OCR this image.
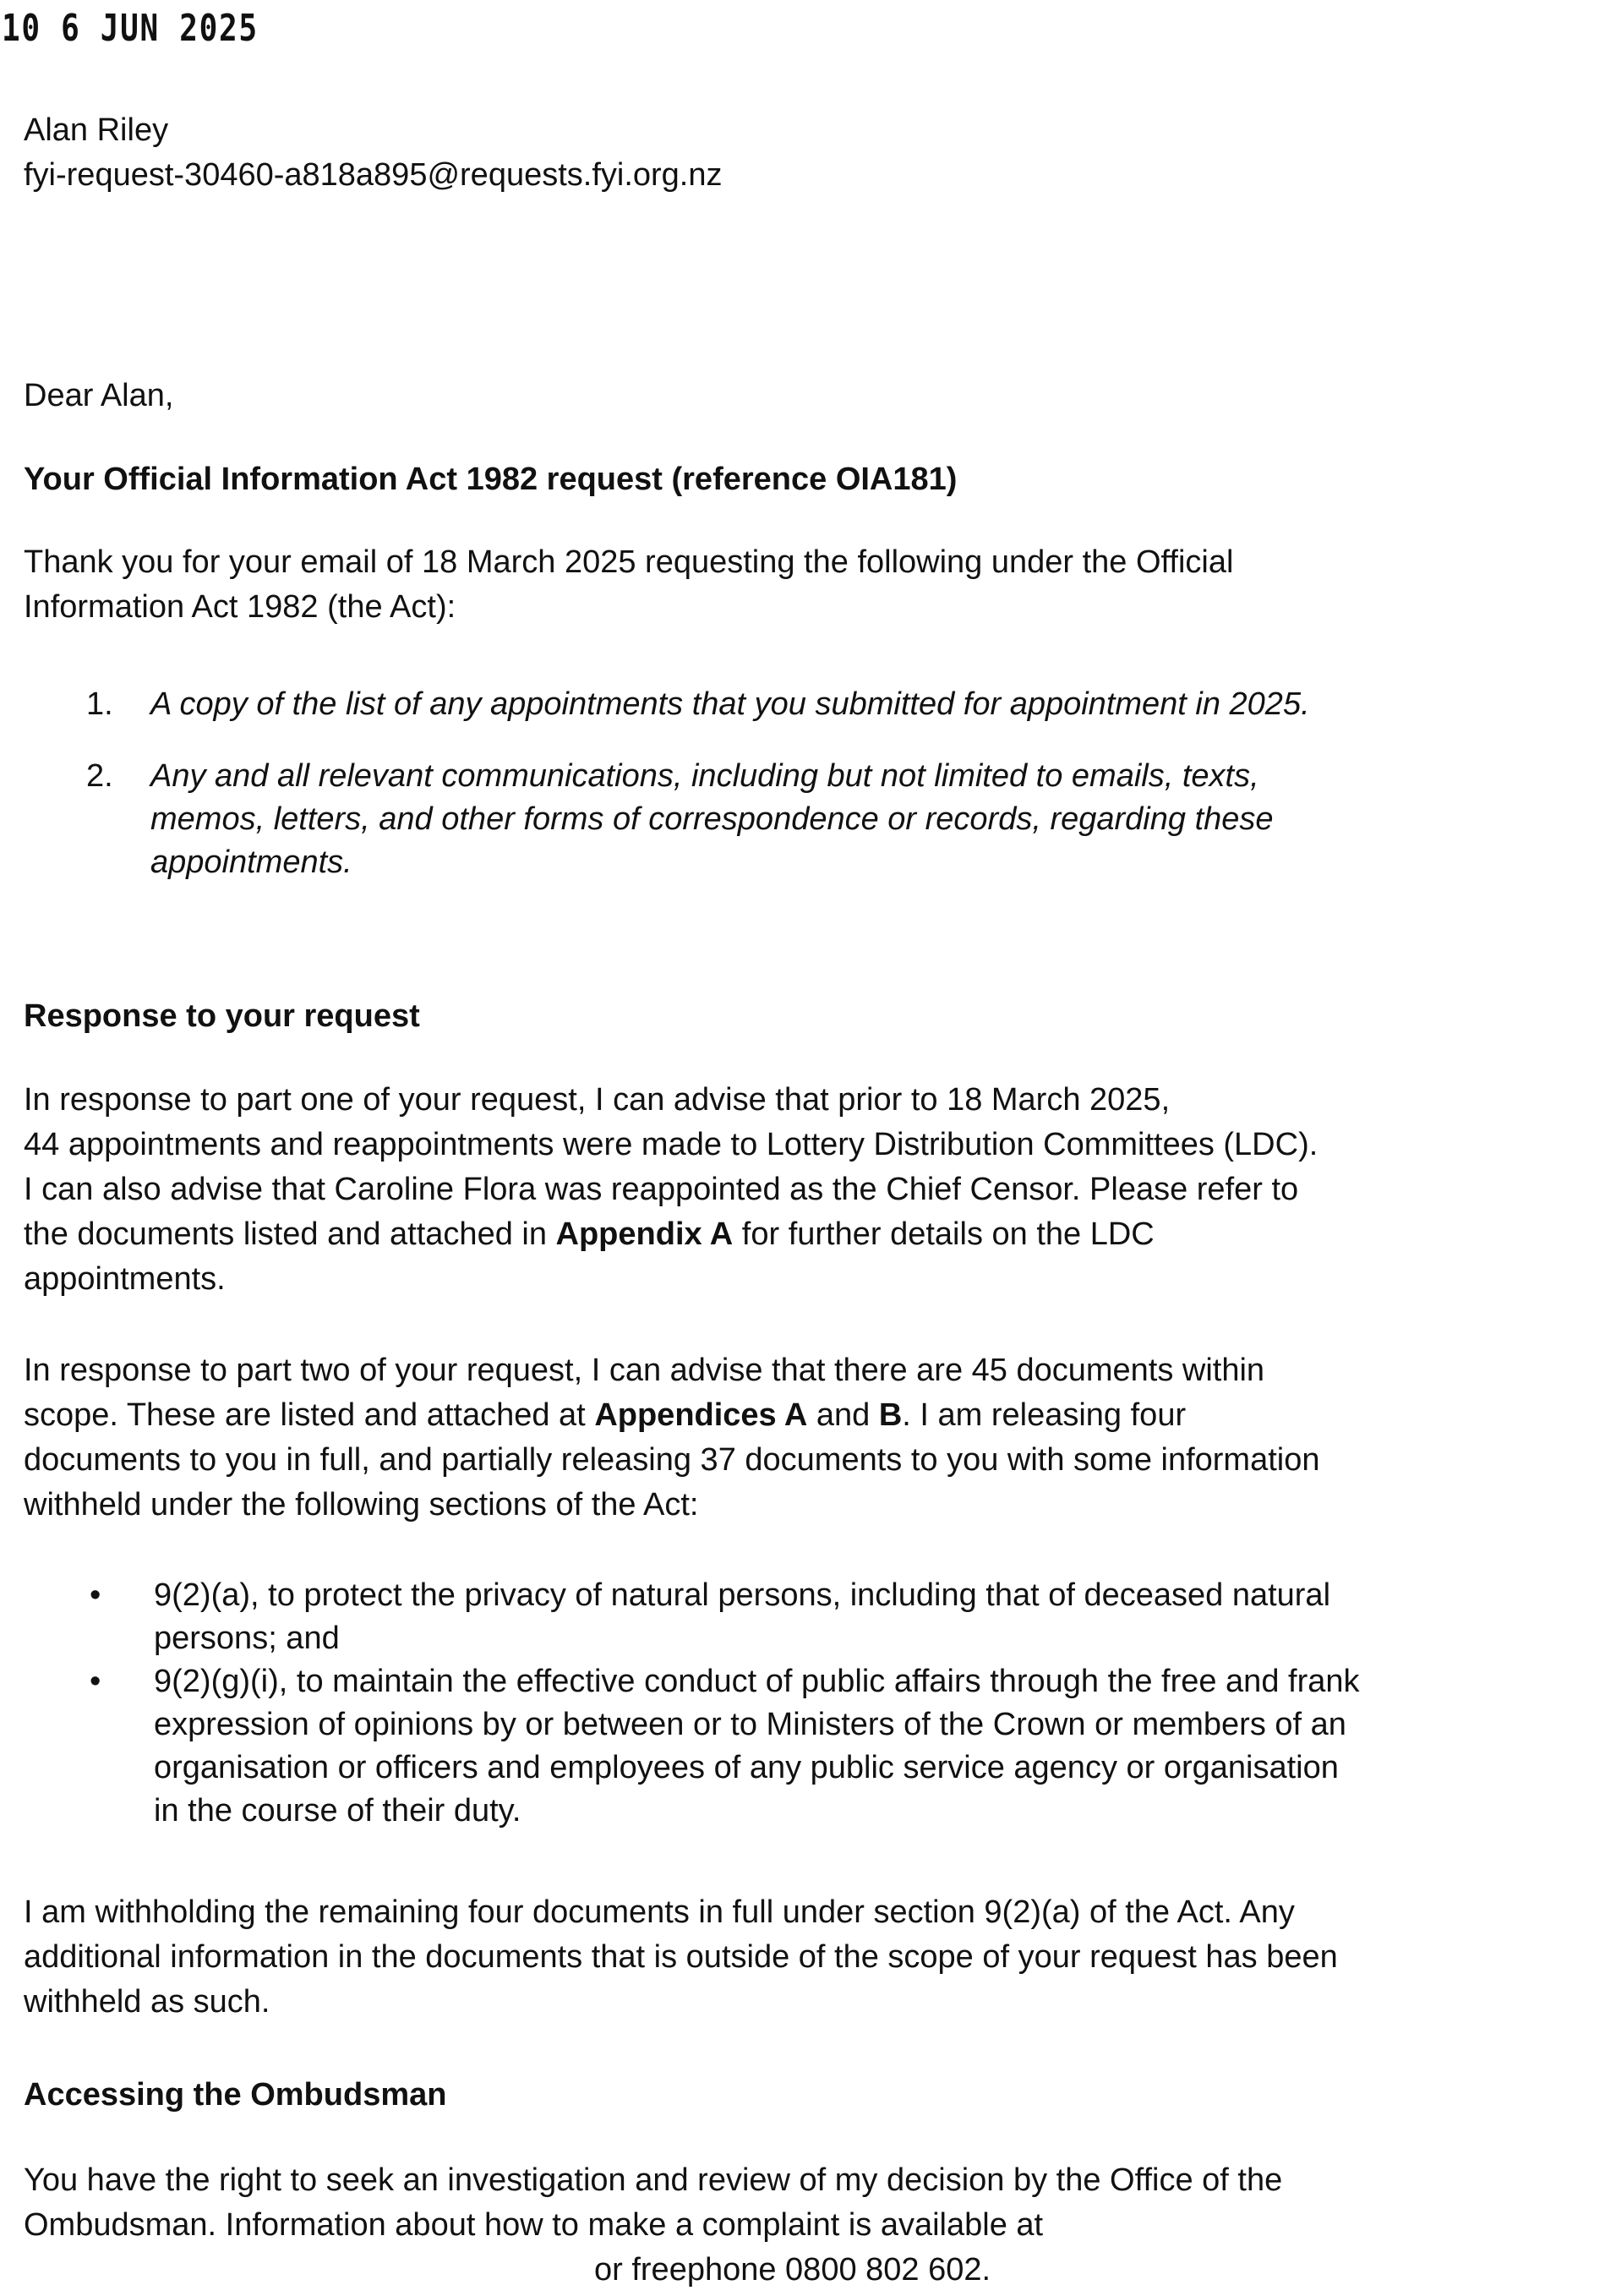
10 6 JUN 2025
Alan Riley
fyi-request-30460-a818a895@requests.fyi.org.nz
Dear Alan,
Your Official Information Act 1982 request (reference OIA181)
Thank you for your email of 18 March 2025 requesting the following under the Official
Information Act 1982 (the Act):
1. A copy of the list of any appointments that you submitted for appointment in 2025.
2. Any and all relevant communications, including but not limited to emails, texts,
memos, letters, and other forms of correspondence or records, regarding these
appointments.
Response to your request
In response to part one of your request, I can advise that prior to 18 March 2025,
44 appointments and reappointments were made to Lottery Distribution Committees (LDC).
I can also advise that Caroline Flora was reappointed as the Chief Censor. Please refer to
the documents listed and attached in Appendix A for further details on the LDC
appointments.
In response to part two of your request, I can advise that there are 45 documents within
scope. These are listed and attached at Appendices A and B. I am releasing four
documents to you in full, and partially releasing 37 documents to you with some information
withheld under the following sections of the Act:
• 9(2)(a), to protect the privacy of natural persons, including that of deceased natural
persons; and
• 9(2)(g)(i), to maintain the effective conduct of public affairs through the free and frank
expression of opinions by or between or to Ministers of the Crown or members of an
organisation or officers and employees of any public service agency or organisation
in the course of their duty.
I am withholding the remaining four documents in full under section 9(2)(a) of the Act. Any
additional information in the documents that is outside of the scope of your request has been
withheld as such.
Accessing the Ombudsman
You have the right to seek an investigation and review of my decision by the Office of the
Ombudsman. Information about how to make a complaint is available at
or freephone 0800 802 602.
